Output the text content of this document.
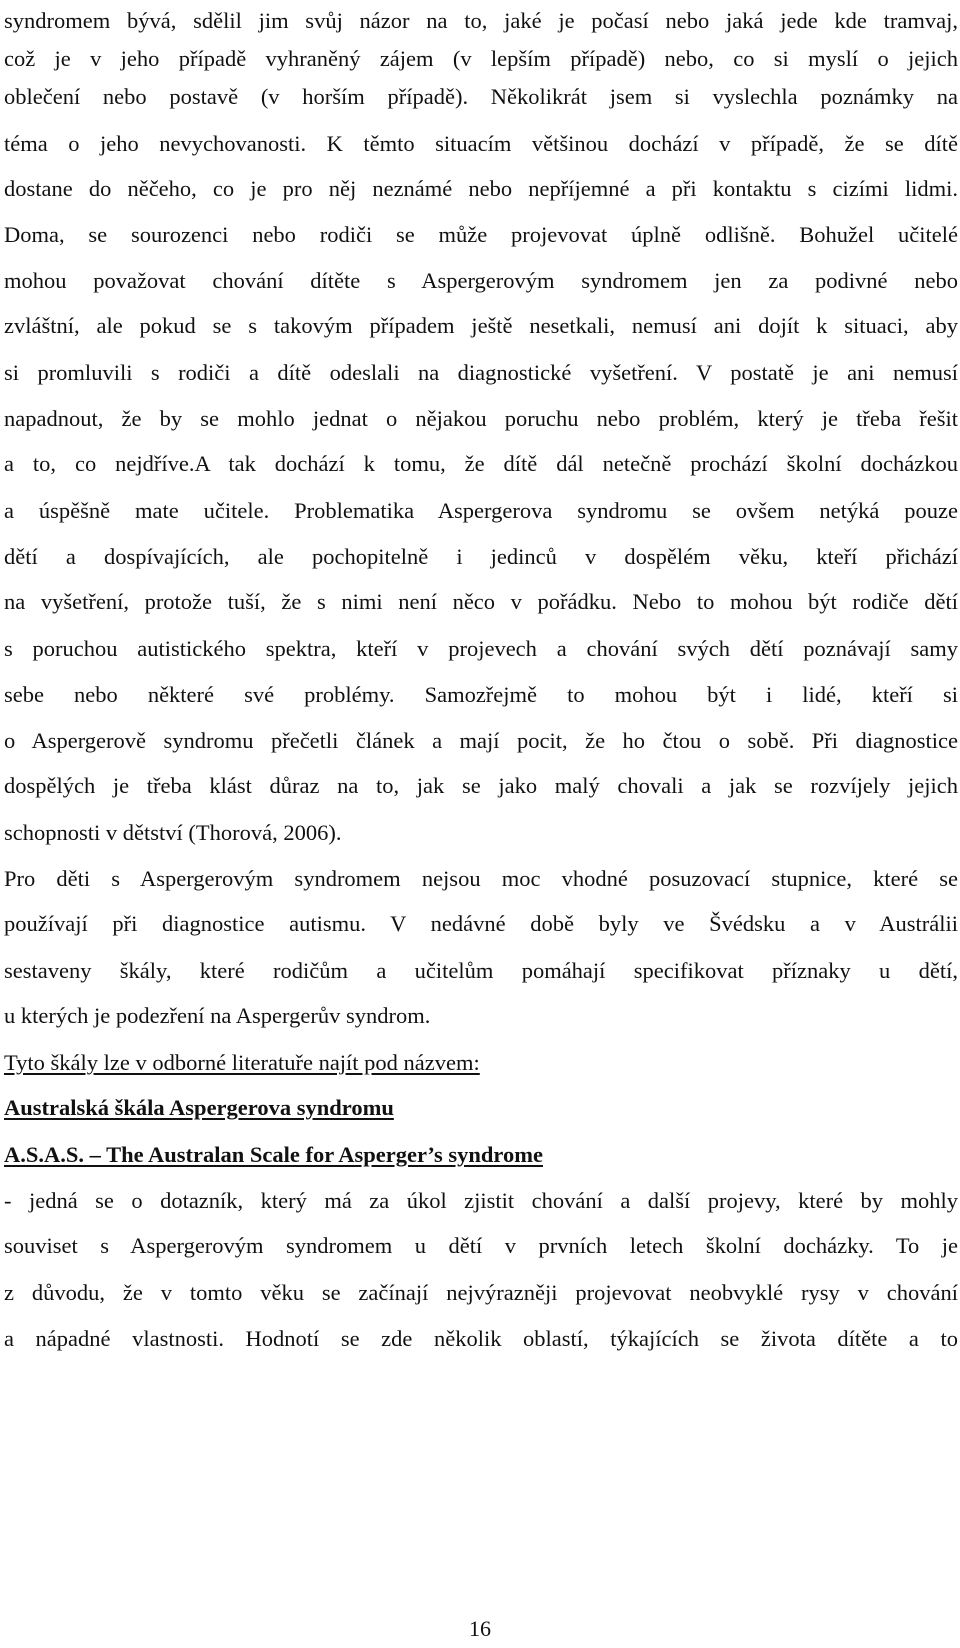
syndromem bývá, sdělil jim svůj názor na to, jaké je počasí nebo jaká jede kde tramvaj,
což je v jeho případě vyhraněný zájem (v lepším případě) nebo, co si myslí o jejich
oblečení nebo postavě (v horším případě). Několikrát jsem si vyslechla poznámky na
téma o jeho nevychovanosti. K těmto situacím většinou dochází v případě, že se dítě
dostane do něčeho, co je pro něj neznámé nebo nepříjemné a při kontaktu s cizími lidmi.
Doma, se sourozenci nebo rodiči se může projevovat úplně odlišně. Bohužel učitelé
mohou považovat chování dítěte s Aspergerovým syndromem jen za podivné nebo
zvláštní, ale pokud se s takovým případem ještě nesetkali, nemusí ani dojít k situaci, aby
si promluvili s rodiči a dítě odeslali na diagnostické vyšetření. V postatě je ani nemusí
napadnout, že by se mohlo jednat o nějakou poruchu nebo problém, který je třeba řešit
a to, co nejdříve.A tak dochází k tomu, že dítě dál netečně prochází školní docházkou
a úspěšně mate učitele. Problematika Aspergerova syndromu se ovšem netýká pouze
dětí a dospívajících, ale pochopitelně i jedinců v dospělém věku, kteří přichází
na vyšetření, protože tuší, že s nimi není něco v pořádku. Nebo to mohou být rodiče dětí
s poruchou autistického spektra, kteří v projevech a chování svých dětí poznávají samy
sebe nebo některé své problémy. Samozřejmě to mohou být i lidé, kteří si
o Aspergerově syndromu přečetli článek a mají pocit, že ho čtou o sobě. Při diagnostice
dospělých je třeba klást důraz na to, jak se jako malý chovali a jak se rozvíjely jejich
schopnosti v dětství (Thorová, 2006).
Pro děti s Aspergerovým syndromem nejsou moc vhodné posuzovací stupnice, které se
používají při diagnostice autismu. V nedávné době byly ve Švédsku a v Austrálii
sestaveny škály, které rodičům a učitelům pomáhají specifikovat příznaky u dětí,
u kterých je podezření na Aspergerův syndrom.
Tyto škály lze v odborné literatuře najít pod názvem:
Australská škála Aspergerova syndromu
A.S.A.S. – The Australan Scale for Asperger’s syndrome
- jedná se o dotazník, který má za úkol zjistit chování a další projevy, které by mohly
souviset s Aspergerovým syndromem u dětí v prvních letech školní docházky. To je
z důvodu, že v tomto věku se začínají nejvýrazněji projevovat neobvyklé rysy v chování
a nápadné vlastnosti. Hodnotí se zde několik oblastí, týkajících se života dítěte a to
16
